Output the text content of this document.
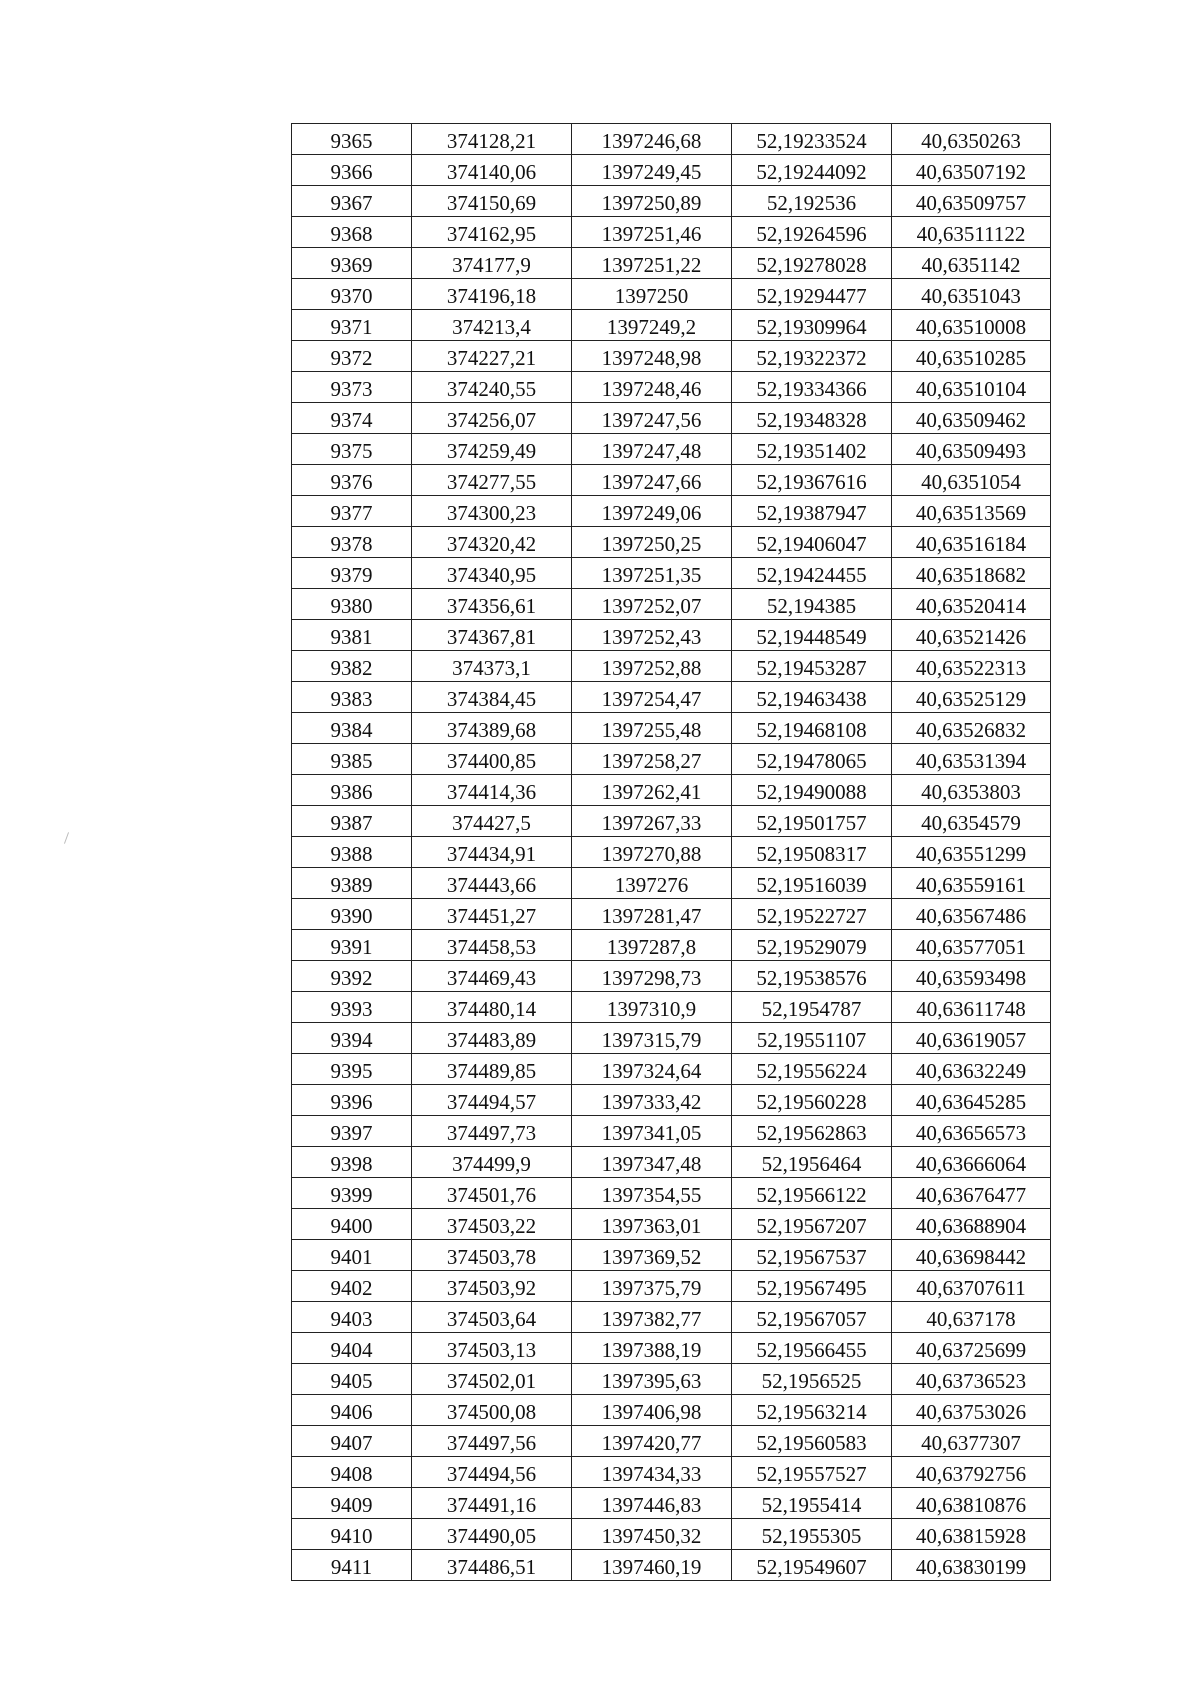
9365	374128,21	1397246,68	52,19233524	40,6350263
9366	374140,06	1397249,45	52,19244092	40,63507192
9367	374150,69	1397250,89	52,192536	40,63509757
9368	374162,95	1397251,46	52,19264596	40,63511122
9369	374177,9	1397251,22	52,19278028	40,6351142
9370	374196,18	1397250	52,19294477	40,6351043
9371	374213,4	1397249,2	52,19309964	40,63510008
9372	374227,21	1397248,98	52,19322372	40,63510285
9373	374240,55	1397248,46	52,19334366	40,63510104
9374	374256,07	1397247,56	52,19348328	40,63509462
9375	374259,49	1397247,48	52,19351402	40,63509493
9376	374277,55	1397247,66	52,19367616	40,6351054
9377	374300,23	1397249,06	52,19387947	40,63513569
9378	374320,42	1397250,25	52,19406047	40,63516184
9379	374340,95	1397251,35	52,19424455	40,63518682
9380	374356,61	1397252,07	52,194385	40,63520414
9381	374367,81	1397252,43	52,19448549	40,63521426
9382	374373,1	1397252,88	52,19453287	40,63522313
9383	374384,45	1397254,47	52,19463438	40,63525129
9384	374389,68	1397255,48	52,19468108	40,63526832
9385	374400,85	1397258,27	52,19478065	40,63531394
9386	374414,36	1397262,41	52,19490088	40,6353803
9387	374427,5	1397267,33	52,19501757	40,6354579
9388	374434,91	1397270,88	52,19508317	40,63551299
9389	374443,66	1397276	52,19516039	40,63559161
9390	374451,27	1397281,47	52,19522727	40,63567486
9391	374458,53	1397287,8	52,19529079	40,63577051
9392	374469,43	1397298,73	52,19538576	40,63593498
9393	374480,14	1397310,9	52,1954787	40,63611748
9394	374483,89	1397315,79	52,19551107	40,63619057
9395	374489,85	1397324,64	52,19556224	40,63632249
9396	374494,57	1397333,42	52,19560228	40,63645285
9397	374497,73	1397341,05	52,19562863	40,63656573
9398	374499,9	1397347,48	52,1956464	40,63666064
9399	374501,76	1397354,55	52,19566122	40,63676477
9400	374503,22	1397363,01	52,19567207	40,63688904
9401	374503,78	1397369,52	52,19567537	40,63698442
9402	374503,92	1397375,79	52,19567495	40,63707611
9403	374503,64	1397382,77	52,19567057	40,637178
9404	374503,13	1397388,19	52,19566455	40,63725699
9405	374502,01	1397395,63	52,1956525	40,63736523
9406	374500,08	1397406,98	52,19563214	40,63753026
9407	374497,56	1397420,77	52,19560583	40,6377307
9408	374494,56	1397434,33	52,19557527	40,63792756
9409	374491,16	1397446,83	52,1955414	40,63810876
9410	374490,05	1397450,32	52,1955305	40,63815928
9411	374486,51	1397460,19	52,19549607	40,63830199
